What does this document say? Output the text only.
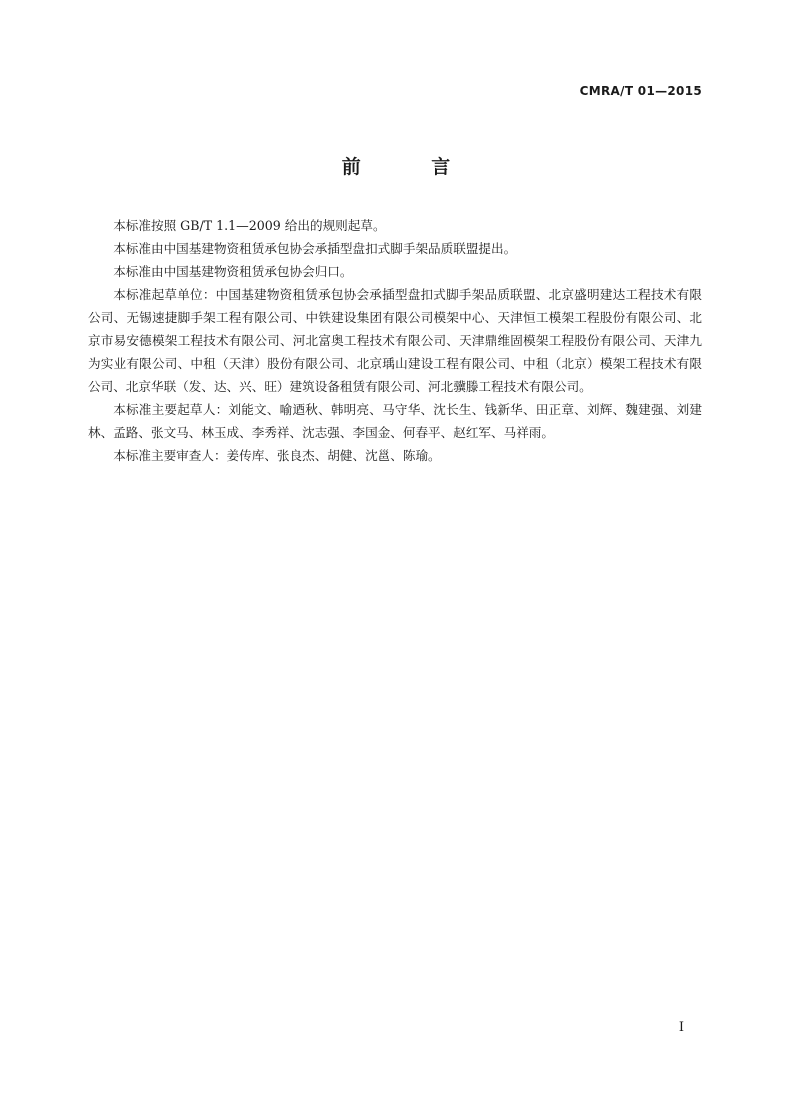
CMRA/T 01—2015
前 言

本标准按照 GB/T 1.1—2009 给出的规则起草。

本标准由中国基建物资租赁承包协会承插型盘扣式脚手架品质联盟提出。

本标准由中国基建物资租赁承包协会归口。

本标准起草单位：中国基建物资租赁承包协会承插型盘扣式脚手架品质联盟、北京盛明建达工程技术有限公司、无锡速捷脚手架工程有限公司、中铁建设集团有限公司模架中心、天津恒工模架工程股份有限公司、北京市易安德模架工程技术有限公司、河北富奥工程技术有限公司、天津鼎维固模架工程股份有限公司、天津九为实业有限公司、中租（天津）股份有限公司、北京瑀山建设工程有限公司、中租（北京）模架工程技术有限公司、北京华联（发、达、兴、旺）建筑设备租赁有限公司、河北骥滕工程技术有限公司。

本标准主要起草人：刘能文、喻迺秋、韩明亮、马守华、沈长生、钱新华、田正章、刘辉、魏建强、刘建林、孟路、张文马、林玉成、李秀祥、沈志强、李国金、何春平、赵红军、马祥雨。

本标准主要审查人：姜传库、张良杰、胡健、沈邕、陈瑜。

I
